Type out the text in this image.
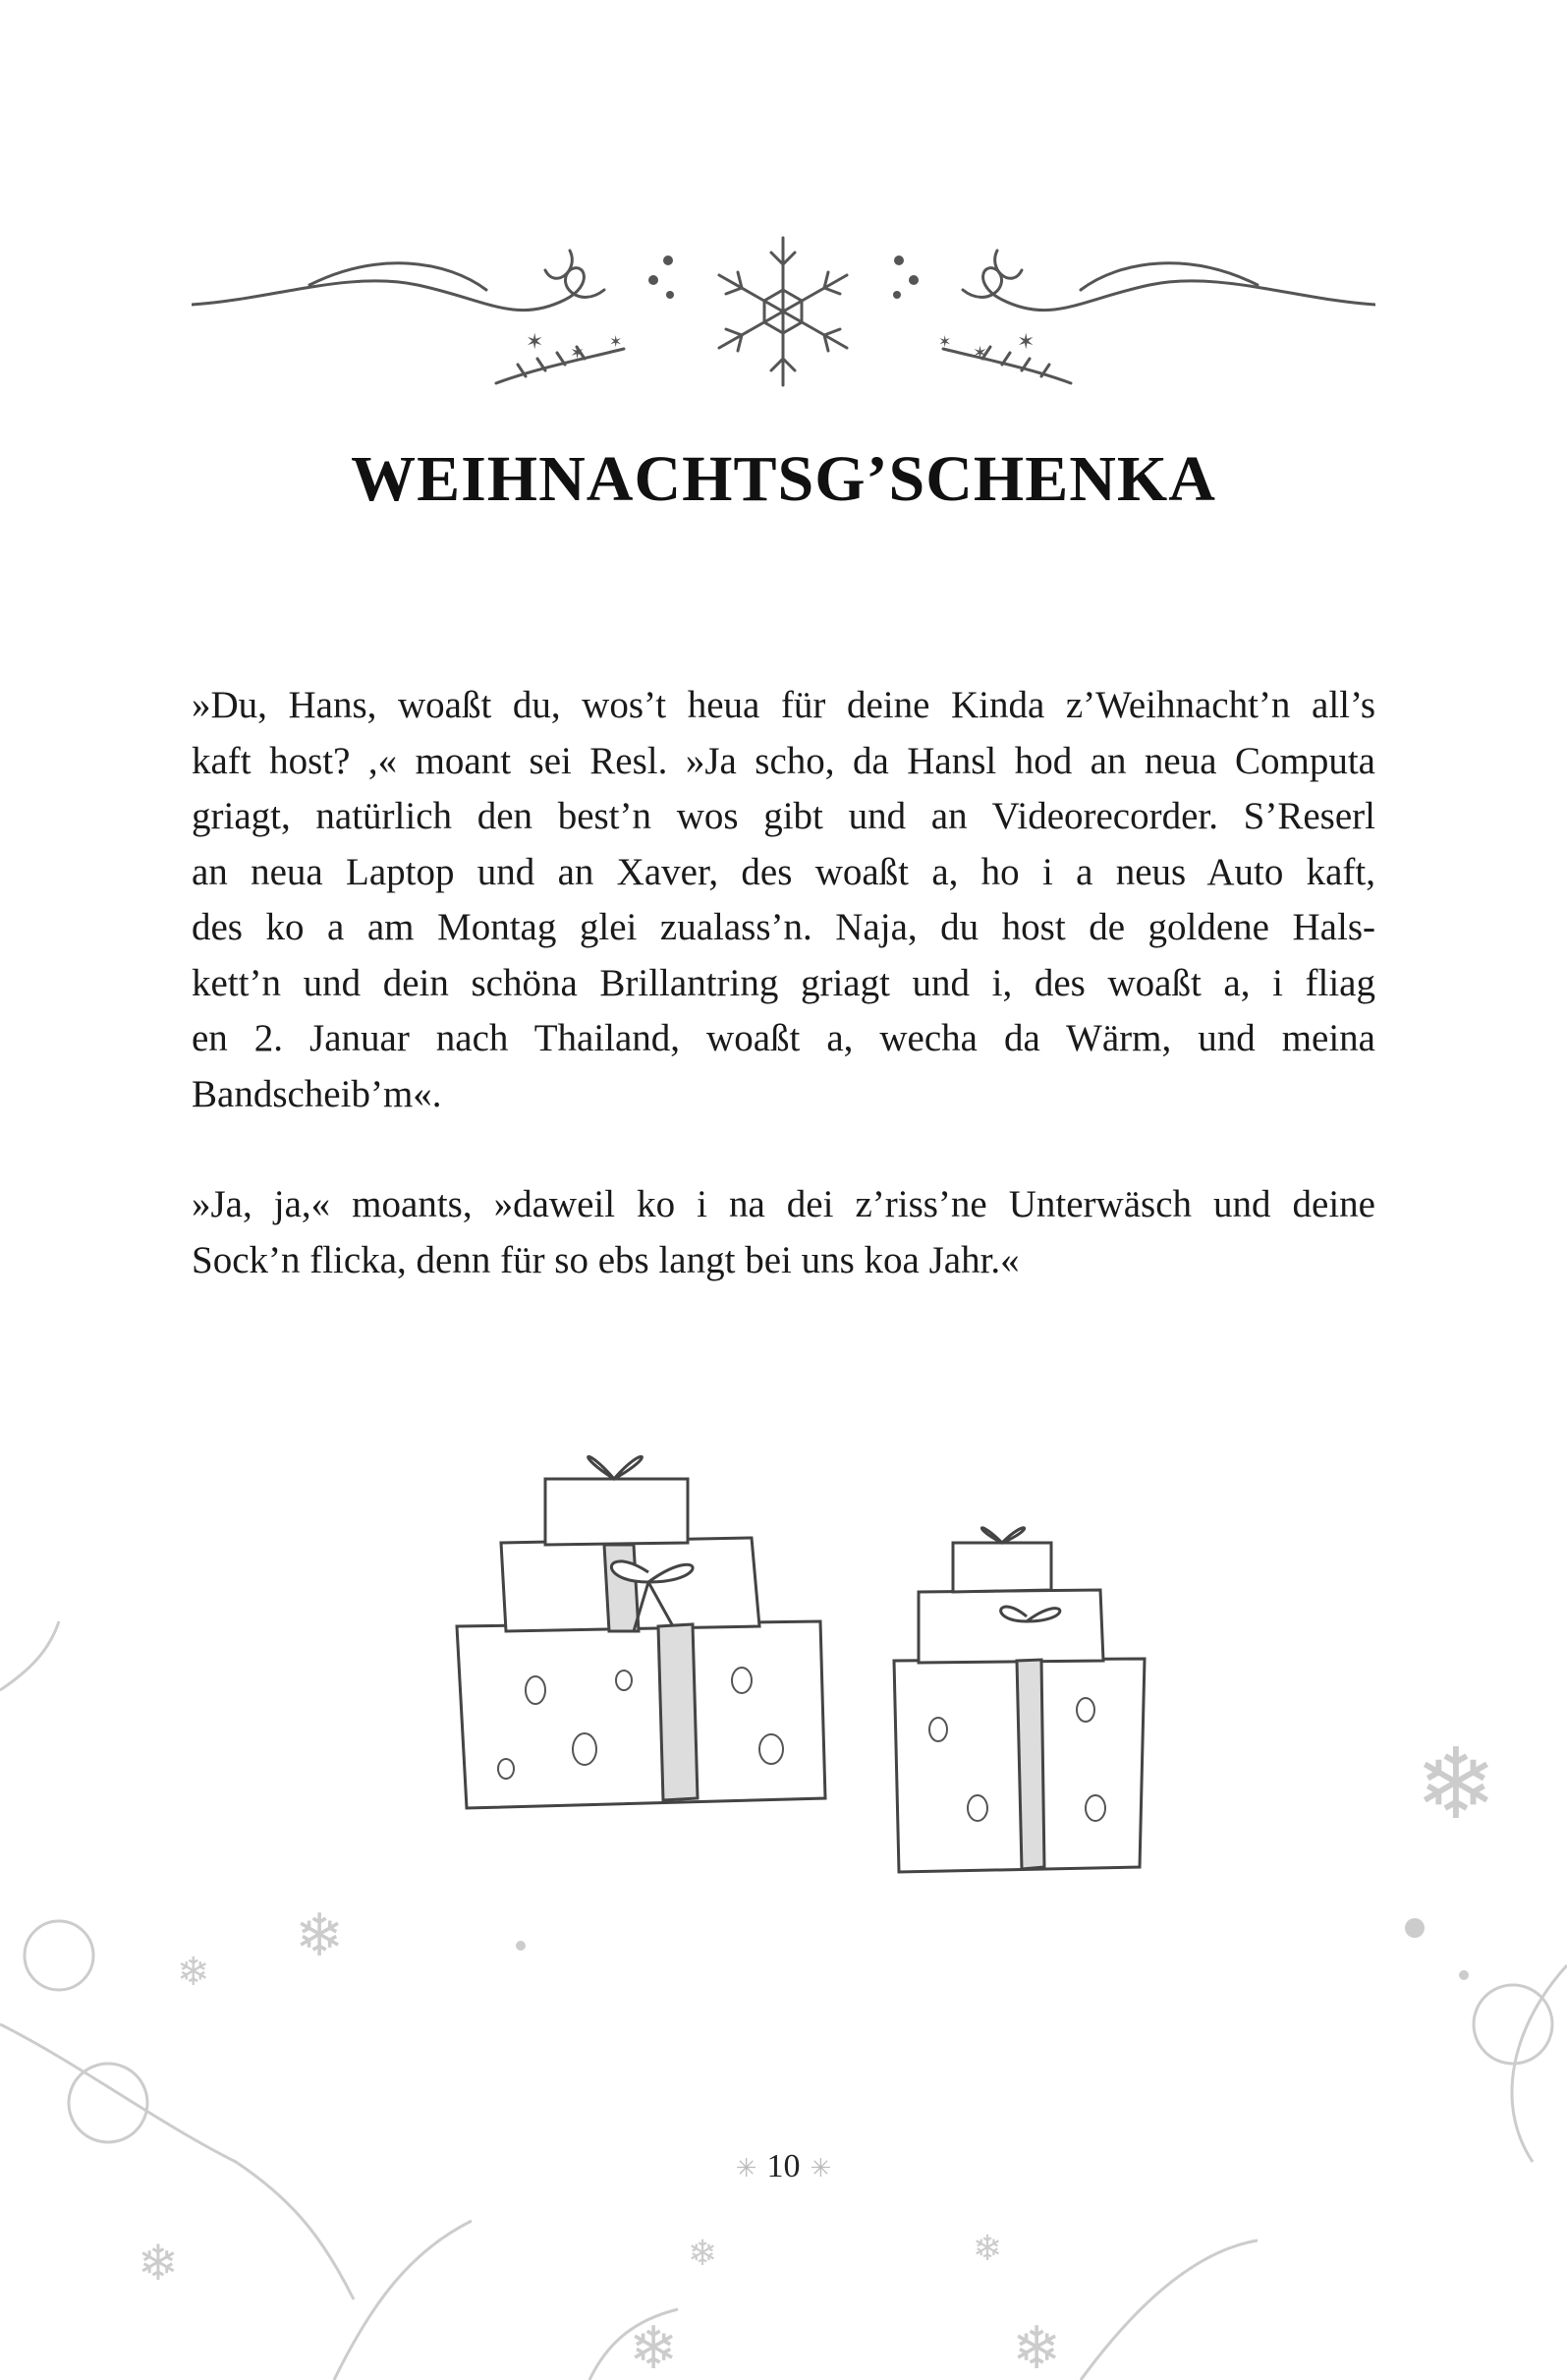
✶ ✶
✶	✶
✶
✶
WEIHNACHTSG’SCHENKA
»Du, Hans, woaßt du, wos’t heua für deine Kinda z’Weihnacht’n all’s
kaft host? ,« moant sei Resl. »Ja scho, da Hansl hod an neua Computa
griagt, natürlich den best’n wos gibt und an Videorecorder. S’Reserl
an neua Laptop und an Xaver, des woaßt a, ho i a neus Auto kaft,
des ko a am Montag glei zualass’n. Naja, du host de goldene Hals-
kett’n und dein schöna Brillantring griagt und i, des woaßt a, i fliag
en 2. Januar nach Thailand, woaßt a, wecha da Wärm, und meina
Bandscheib’m«.
»Ja, ja,« moants, »daweil ko i na dei z’riss’ne Unterwäsch und deine
Sock’n flicka, denn für so ebs langt bei uns koa Jahr.«
❄
❄
❄
❄
❄
❄
❄
❄
✳ 10 ✳
